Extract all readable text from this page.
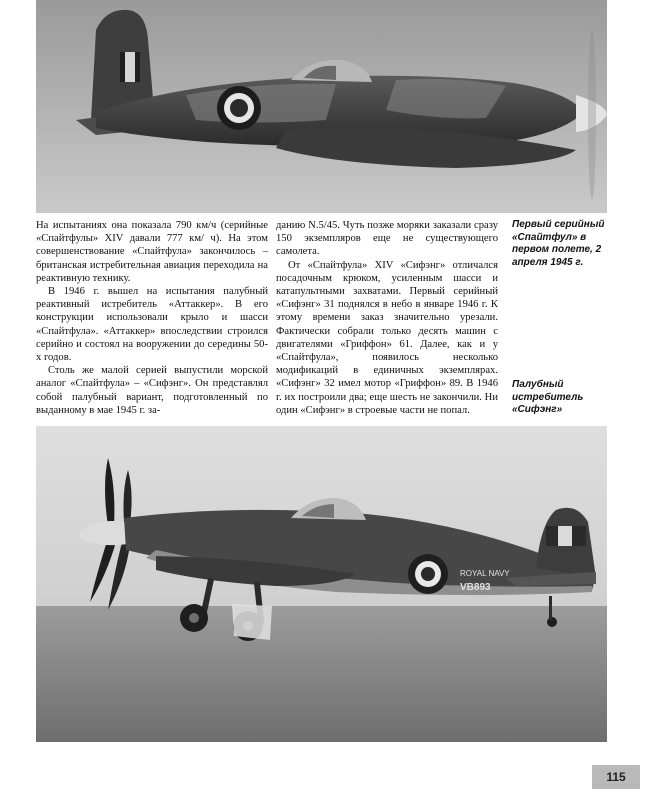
На испытаниях она показала 790 км/ч (серийные «Спайтфулы» XIV давали 777 км/ ч). На этом совершенствование «Спайтфула» закончилось – британская истребительная авиация переходила на реактивную технику.

В 1946 г. вышел на испытания палубный реактивный истребитель «Аттаккер». В его конструкции использовали крыло и шасси «Спайтфула». «Аттаккер» впоследствии строился серийно и состоял на вооружении до середины 50-х годов.

Столь же малой серией выпустили морской аналог «Спайтфула» – «Сифэнг». Он представлял собой палубный вариант, подготовленный по выданному в мае 1945 г. за-

данию N.5/45. Чуть позже моряки заказали сразу 150 экземпляров еще не существующего самолета.

От «Спайтфула» XIV «Сифэнг» отличался посадочным крюком, усиленным шасси и катапультными захватами. Первый серийный «Сифэнг» 31 поднялся в небо в январе 1946 г. К этому времени заказ значительно урезали. Фактически собрали только десять машин с двигателями «Гриффон» 61. Далее, как и у «Спайтфула», появилось несколько модификаций в единичных экземплярах. «Сифэнг» 32 имел мотор «Гриффон» 89. В 1946 г. их построили два; еще шесть не закончили. Ни один «Сифэнг» в строевые части не попал.

Первый серийный «Спайтфул» в первом полете, 2 апреля 1945 г.
Палубный истребитель «Сифэнг»
ROYAL NAVY
VB893
115
